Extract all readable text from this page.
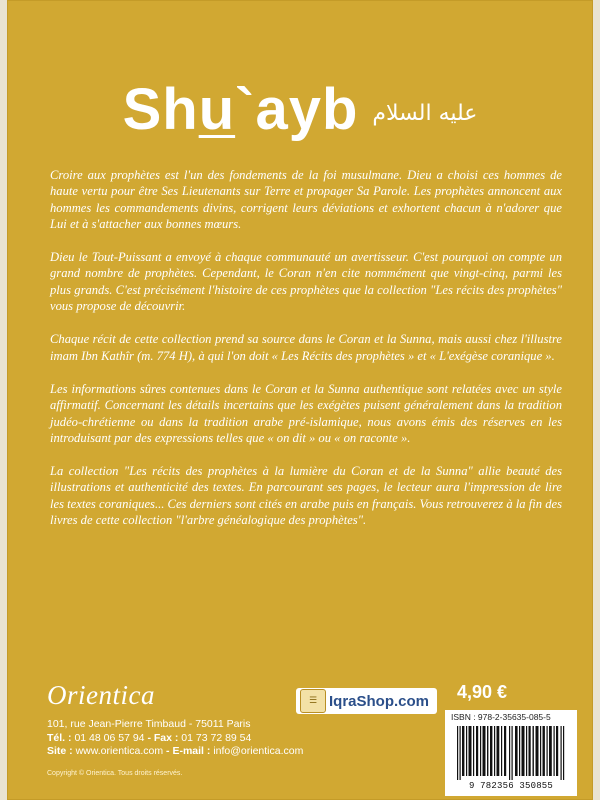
Shu`ayb عليه السلام

Croire aux prophètes est l'un des fondements de la foi musulmane. Dieu a choisi ces hommes de haute vertu pour être Ses Lieutenants sur Terre et propager Sa Parole. Les prophètes annoncent aux hommes les commandements divins, corrigent leurs déviations et exhortent chacun à n'adorer que Lui et à s'attacher aux bonnes mœurs.

Dieu le Tout-Puissant a envoyé à chaque communauté un avertisseur. C'est pourquoi on compte un grand nombre de prophètes. Cependant, le Coran n'en cite nommément que vingt-cinq, parmi les plus grands. C'est précisément l'histoire de ces prophètes que la collection "Les récits des prophètes" vous propose de découvrir.

Chaque récit de cette collection prend sa source dans le Coran et la Sunna, mais aussi chez l'illustre imam Ibn Kathîr (m. 774 H), à qui l'on doit « Les Récits des prophètes » et « L'exégèse coranique ».

Les informations sûres contenues dans le Coran et la Sunna authentique sont relatées avec un style affirmatif. Concernant les détails incertains que les exégètes puisent généralement dans la tradition judéo-chrétienne ou dans la tradition arabe pré-islamique, nous avons émis des réserves en les introduisant par des expressions telles que « on dit » ou « on raconte ».

La collection "Les récits des prophètes à la lumière du Coran et de la Sunna" allie beauté des illustrations et authenticité des textes. En parcourant ses pages, le lecteur aura l'impression de lire les textes coraniques... Ces derniers sont cités en arabe puis en français. Vous retrouverez à la fin des livres de cette collection "l'arbre généalogique des prophètes".

Orientica
101, rue Jean-Pierre Timbaud - 75011 Paris
Tél. : 01 48 06 57 94 - Fax : 01 73 72 89 54
Site : www.orientica.com - E-mail : info@orientica.com
Copyright © Orientica. Tous droits réservés.
☰ IqraShop.com 4,90 €
ISBN : 978-2-35635-085-5
9 782356 350855
